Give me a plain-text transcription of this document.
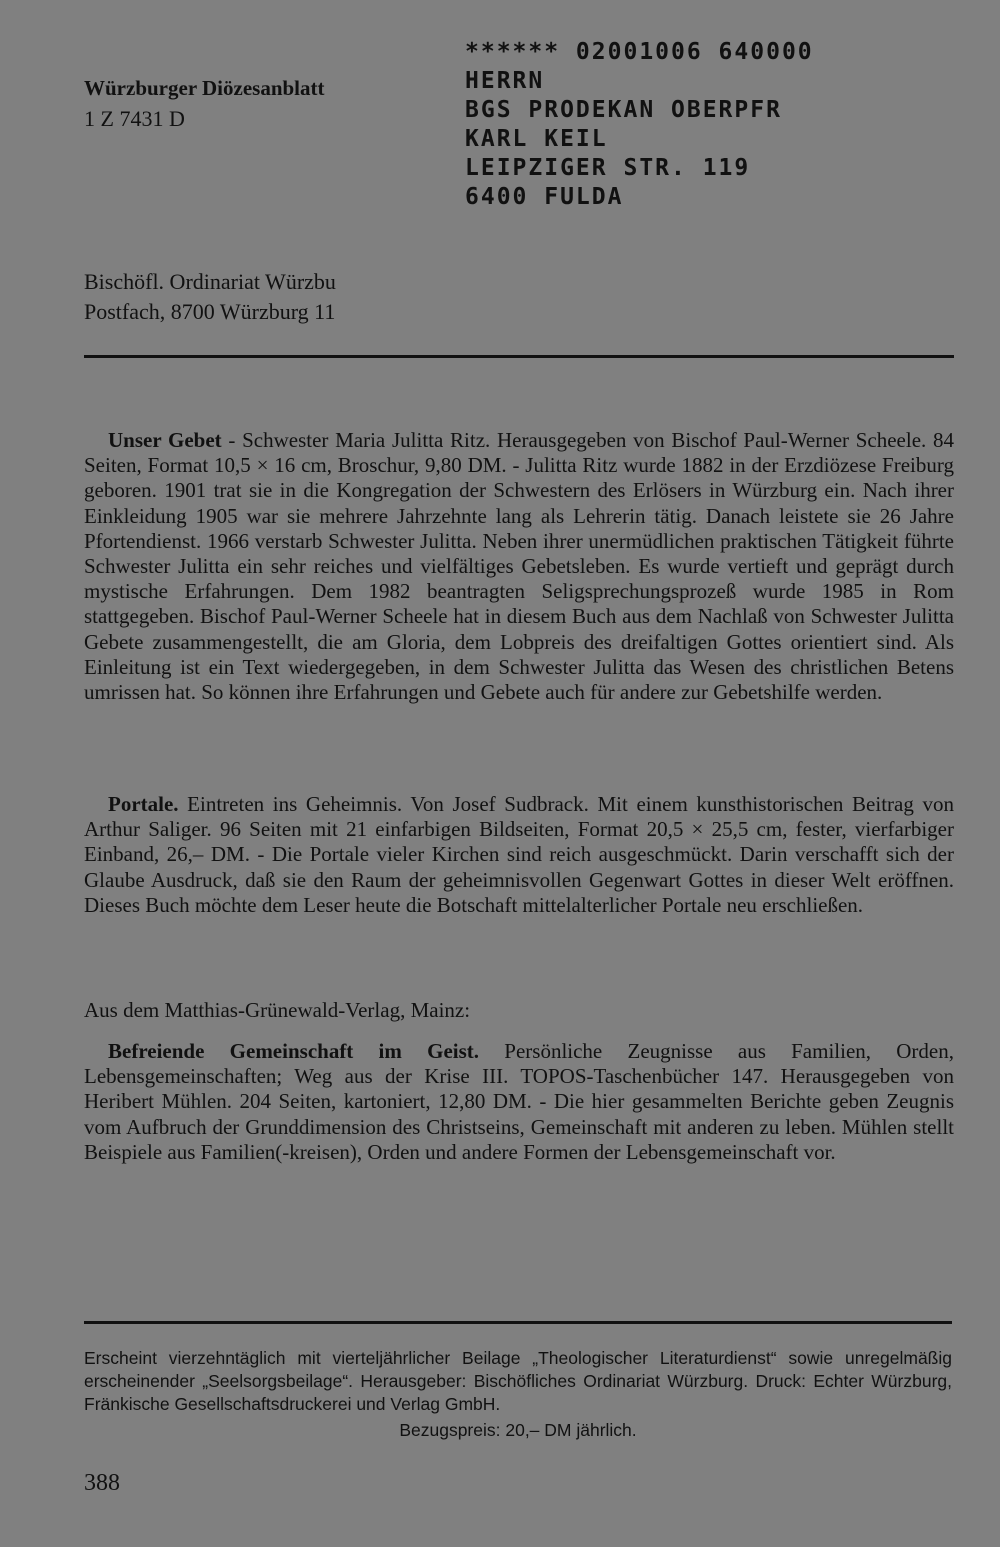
Würzburger Diözesanblatt
1 Z 7431 D
****** 02001006 640000
HERRN
BGS PRODEKAN OBERPFR
KARL KEIL
LEIPZIGER STR. 119
6400 FULDA
Bischöfl. Ordinariat Würzbu
Postfach, 8700 Würzburg 11
Unser Gebet - Schwester Maria Julitta Ritz. Herausgegeben von Bischof Paul-Werner Scheele. 84 Seiten, Format 10,5 × 16 cm, Broschur, 9,80 DM. - Julitta Ritz wurde 1882 in der Erzdiözese Freiburg geboren. 1901 trat sie in die Kongregation der Schwestern des Erlösers in Würzburg ein. Nach ihrer Einkleidung 1905 war sie mehrere Jahrzehnte lang als Lehrerin tätig. Danach leistete sie 26 Jahre Pfortendienst. 1966 verstarb Schwester Julitta. Neben ihrer unermüdlichen praktischen Tätigkeit führte Schwester Julitta ein sehr reiches und vielfältiges Gebetsleben. Es wurde vertieft und geprägt durch mystische Erfahrungen. Dem 1982 beantragten Seligsprechungsprozeß wurde 1985 in Rom stattgegeben. Bischof Paul-Werner Scheele hat in diesem Buch aus dem Nachlaß von Schwester Julitta Gebete zusammengestellt, die am Gloria, dem Lobpreis des dreifaltigen Gottes orientiert sind. Als Einleitung ist ein Text wiedergegeben, in dem Schwester Julitta das Wesen des christlichen Betens umrissen hat. So können ihre Erfahrungen und Gebete auch für andere zur Gebetshilfe werden.
Portale. Eintreten ins Geheimnis. Von Josef Sudbrack. Mit einem kunsthistorischen Beitrag von Arthur Saliger. 96 Seiten mit 21 einfarbigen Bildseiten, Format 20,5 × 25,5 cm, fester, vierfarbiger Einband, 26,– DM. - Die Portale vieler Kirchen sind reich ausgeschmückt. Darin verschafft sich der Glaube Ausdruck, daß sie den Raum der geheimnisvollen Gegenwart Gottes in dieser Welt eröffnen. Dieses Buch möchte dem Leser heute die Botschaft mittelalterlicher Portale neu erschließen.
Aus dem Matthias-Grünewald-Verlag, Mainz:
Befreiende Gemeinschaft im Geist. Persönliche Zeugnisse aus Familien, Orden, Lebensgemeinschaften; Weg aus der Krise III. TOPOS-Taschenbücher 147. Herausgegeben von Heribert Mühlen. 204 Seiten, kartoniert, 12,80 DM. - Die hier gesammelten Berichte geben Zeugnis vom Aufbruch der Grunddimension des Christseins, Gemeinschaft mit anderen zu leben. Mühlen stellt Beispiele aus Familien(-kreisen), Orden und andere Formen der Lebensgemeinschaft vor.
Erscheint vierzehntäglich mit vierteljährlicher Beilage „Theologischer Literaturdienst“ sowie unregelmäßig erscheinender „Seelsorgsbeilage“. Herausgeber: Bischöfliches Ordinariat Würzburg. Druck: Echter Würzburg, Fränkische Gesellschaftsdruckerei und Verlag GmbH.
Bezugspreis: 20,– DM jährlich.
388
